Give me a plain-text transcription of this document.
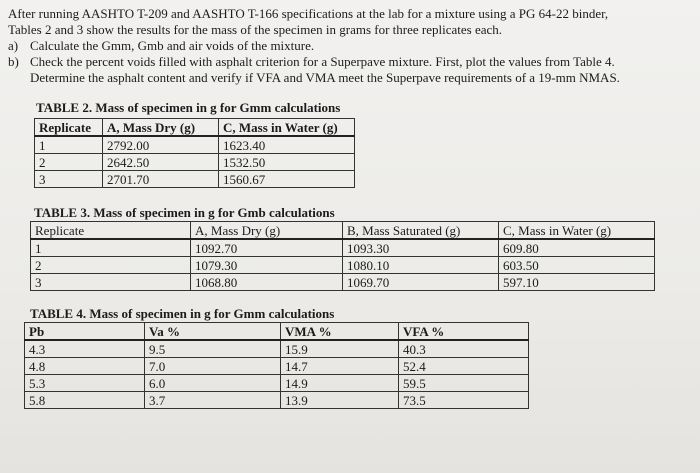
After running AASHTO T-209 and AASHTO T-166 specifications at the lab for a mixture using a PG 64-22 binder,

Tables 2 and 3 show the results for the mass of the specimen in grams for three replicates each.

a) Calculate the Gmm, Gmb and air voids of the mixture.

b) Check the percent voids filled with asphalt criterion for a Superpave mixture. First, plot the values from Table 4.

Determine the asphalt content and verify if VFA and VMA meet the Superpave requirements of a 19-mm NMAS.

TABLE 2. Mass of specimen in g for Gmm calculations
Replicate	A, Mass Dry (g)	C, Mass in Water (g)
1	2792.00	1623.40
2	2642.50	1532.50
3	2701.70	1560.67
TABLE 3. Mass of specimen in g for Gmb calculations
Replicate	A, Mass Dry (g)	B, Mass Saturated (g)	C, Mass in Water (g)
1	1092.70	1093.30	609.80
2	1079.30	1080.10	603.50
3	1068.80	1069.70	597.10
TABLE 4. Mass of specimen in g for Gmm calculations
Pb	Va %	VMA %	VFA %
4.3	9.5	15.9	40.3
4.8	7.0	14.7	52.4
5.3	6.0	14.9	59.5
5.8	3.7	13.9	73.5
